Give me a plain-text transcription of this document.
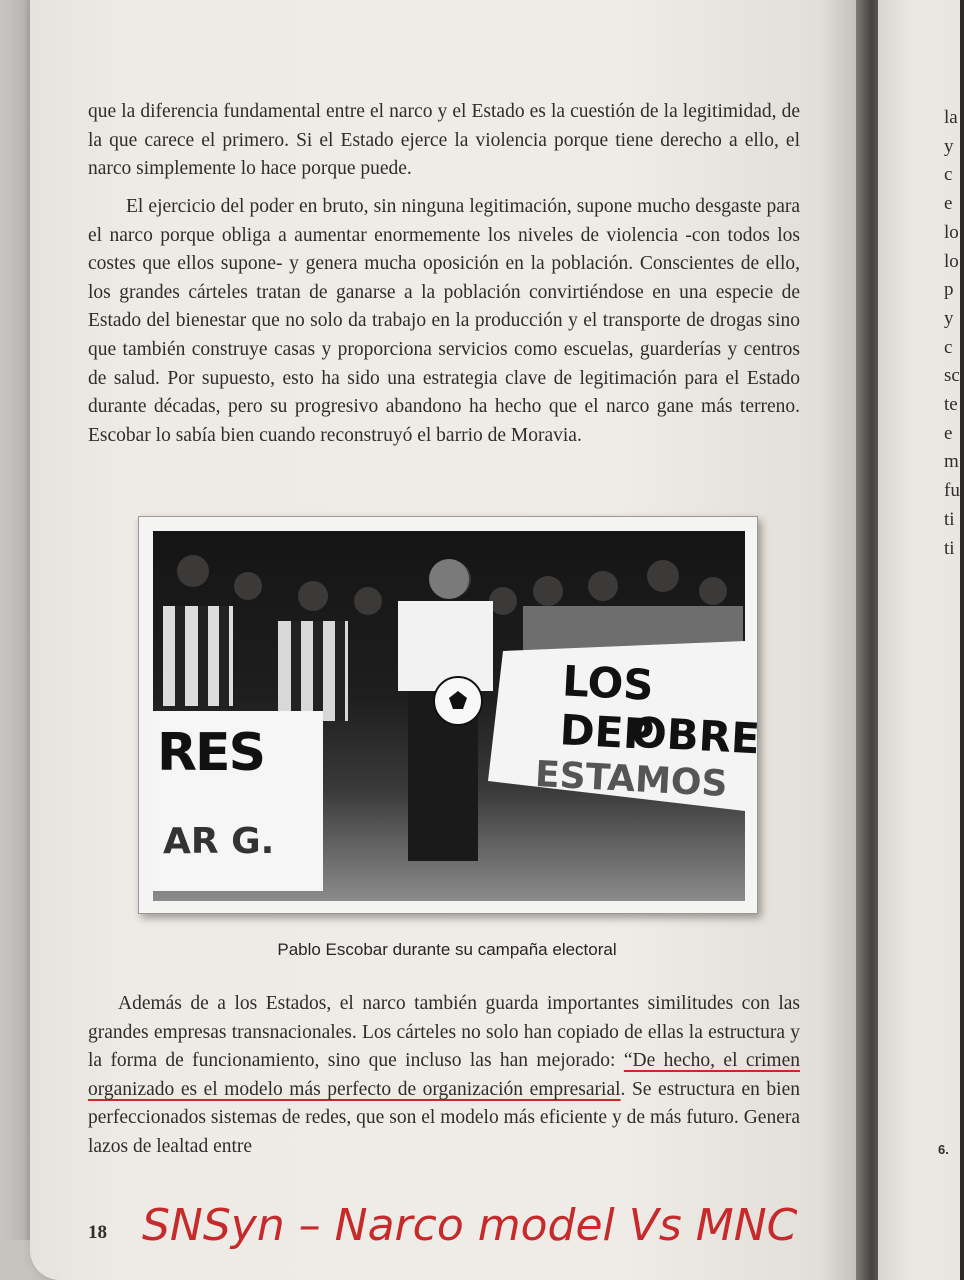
que la diferencia fundamental entre el narco y el Estado es la cuestión de la legitimidad, de la que carece el primero. Si el Estado ejerce la violencia porque tiene derecho a ello, el narco simplemente lo hace porque puede.
El ejercicio del poder en bruto, sin ninguna legitimación, supone mucho desgaste para el narco porque obliga a aumentar enormemente los niveles de violencia -con todos los costes que ellos supone- y genera mucha oposición en la población. Conscientes de ello, los grandes cárteles tratan de ganarse a la población convirtiéndose en una especie de Estado del bienestar que no solo da trabajo en la producción y el transporte de drogas sino que también construye casas y proporciona servicios como escuelas, guarderías y centros de salud. Por supuesto, esto ha sido una estrategia clave de legitimación para el Estado durante décadas, pero su progresivo abandono ha hecho que el narco gane más terreno. Escobar lo sabía bien cuando reconstruyó el barrio de Moravia.
RES
AR G.
LOS DEP
OBRE
ESTAMOS
Pablo Escobar durante su campaña electoral
Además de a los Estados, el narco también guarda importantes similitudes con las grandes empresas transnacionales. Los cárteles no solo han copiado de ellas la estructura y la forma de funcionamiento, sino que incluso las han mejorado: “De hecho, el crimen organizado es el modelo más perfecto de organización empresarial. Se estructura en bien perfeccionados sistemas de redes, que son el modelo más eficiente y de más futuro. Genera lazos de lealtad entre
18 SNSyn – Narco model Vs MNC
la
y
c
e
lo
lo
p
y
c
sc
te
e
m
fu
ti
ti
6.
